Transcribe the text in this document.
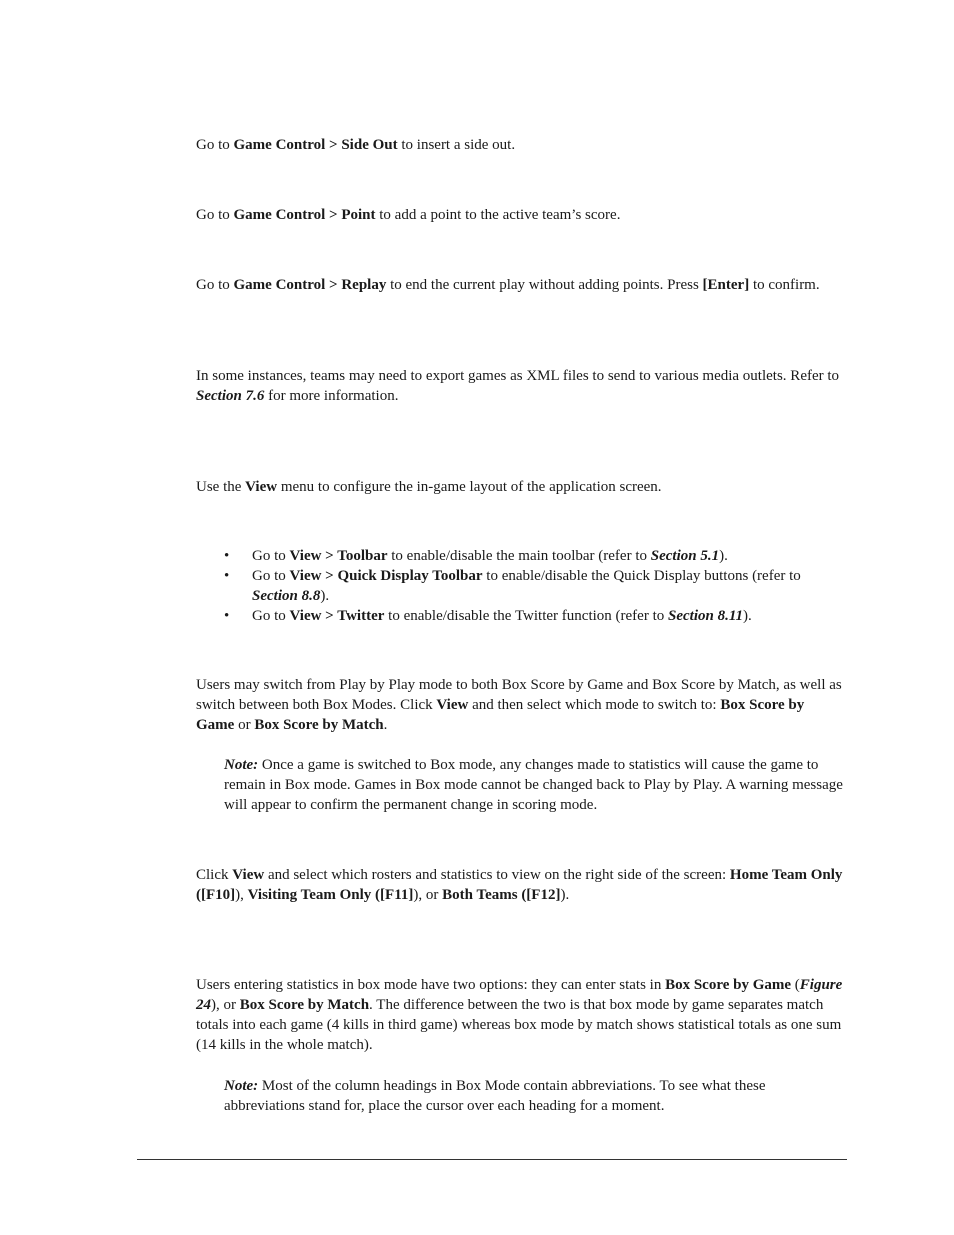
Go to Game Control > Side Out to insert a side out.

Go to Game Control > Point to add a point to the active team’s score.

Go to Game Control > Replay to end the current play without adding points. Press [Enter] to confirm.

In some instances, teams may need to export games as XML files to send to various media outlets. Refer to Section 7.6 for more information.

Use the View menu to configure the in-game layout of the application screen.

• Go to View > Toolbar to enable/disable the main toolbar (refer to Section 5.1).
• Go to View > Quick Display Toolbar to enable/disable the Quick Display buttons (refer to Section 8.8).
• Go to View > Twitter to enable/disable the Twitter function (refer to Section 8.11).

Users may switch from Play by Play mode to both Box Score by Game and Box Score by Match, as well as switch between both Box Modes. Click View and then select which mode to switch to: Box Score by Game or Box Score by Match.

Note: Once a game is switched to Box mode, any changes made to statistics will cause the game to remain in Box mode. Games in Box mode cannot be changed back to Play by Play. A warning message will appear to confirm the permanent change in scoring mode.

Click View and select which rosters and statistics to view on the right side of the screen: Home Team Only ([F10]), Visiting Team Only ([F11]), or Both Teams ([F12]).

Users entering statistics in box mode have two options: they can enter stats in Box Score by Game (Figure 24), or Box Score by Match. The difference between the two is that box mode by game separates match totals into each game (4 kills in third game) whereas box mode by match shows statistical totals as one sum (14 kills in the whole match).

Note: Most of the column headings in Box Mode contain abbreviations. To see what these abbreviations stand for, place the cursor over each heading for a moment.
